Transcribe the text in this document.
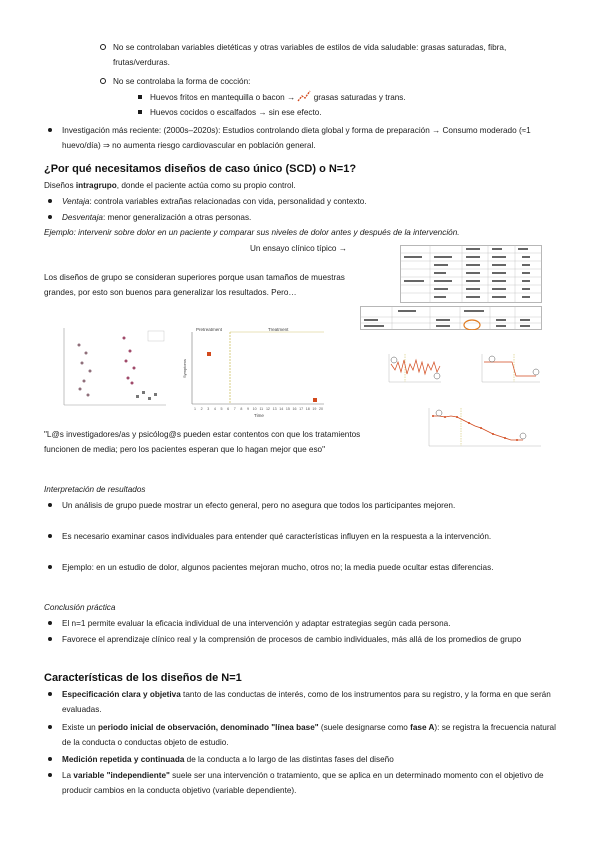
No se controlaban variables dietéticas y otras variables de estilos de vida saludable: grasas saturadas, fibra, frutas/verduras.
No se controlaba la forma de cocción:
Huevos fritos en mantequilla o bacon → grasas saturadas y trans.
Huevos cocidos o escalfados → sin ese efecto.
Investigación más reciente: (2000s–2020s): Estudios controlando dieta global y forma de preparación → Consumo moderado (≈1 huevo/día) ⇒ no aumenta riesgo cardiovascular en población general.
¿Por qué necesitamos diseños de caso único (SCD) o N=1?
Diseños intragrupo, donde el paciente actúa como su propio control.
Ventaja: controla variables extrañas relacionadas con vida, personalidad y contexto.
Desventaja: menor generalización a otras personas.
Ejemplo: intervenir sobre dolor en un paciente y comparar sus niveles de dolor antes y después de la intervención.
Un ensayo clínico típico →
Los diseños de grupo se consideran superiores porque usan tamaños de muestras grandes, por esto son buenos para generalizar los resultados. Pero…
Pretreatment	Treatment
Time
Symptoms
1 2 3 4 5 6 7 8 9 10 11 12 13 14 15 16 17 18 19 20
"L@s investigadores/as y psicólog@s pueden estar contentos con que los tratamientos funcionen de media; pero los pacientes esperan que lo hagan mejor que eso"
Interpretación de resultados
Un análisis de grupo puede mostrar un efecto general, pero no asegura que todos los participantes mejoren.
Es necesario examinar casos individuales para entender qué características influyen en la respuesta a la intervención.
Ejemplo: en un estudio de dolor, algunos pacientes mejoran mucho, otros no; la media puede ocultar estas diferencias.
Conclusión práctica
El n=1 permite evaluar la eficacia individual de una intervención y adaptar estrategias según cada persona.
Favorece el aprendizaje clínico real y la comprensión de procesos de cambio individuales, más allá de los promedios de grupo
Características de los diseños de N=1
Especificación clara y objetiva tanto de las conductas de interés, como de los instrumentos para su registro, y la forma en que serán evaluadas.
Existe un periodo inicial de observación, denominado "línea base" (suele designarse como fase A): se registra la frecuencia natural de la conducta o conductas objeto de estudio.
Medición repetida y continuada de la conducta a lo largo de las distintas fases del diseño
La variable "independiente" suele ser una intervención o tratamiento, que se aplica en un determinado momento con el objetivo de producir cambios en la conducta objetivo (variable dependiente).
